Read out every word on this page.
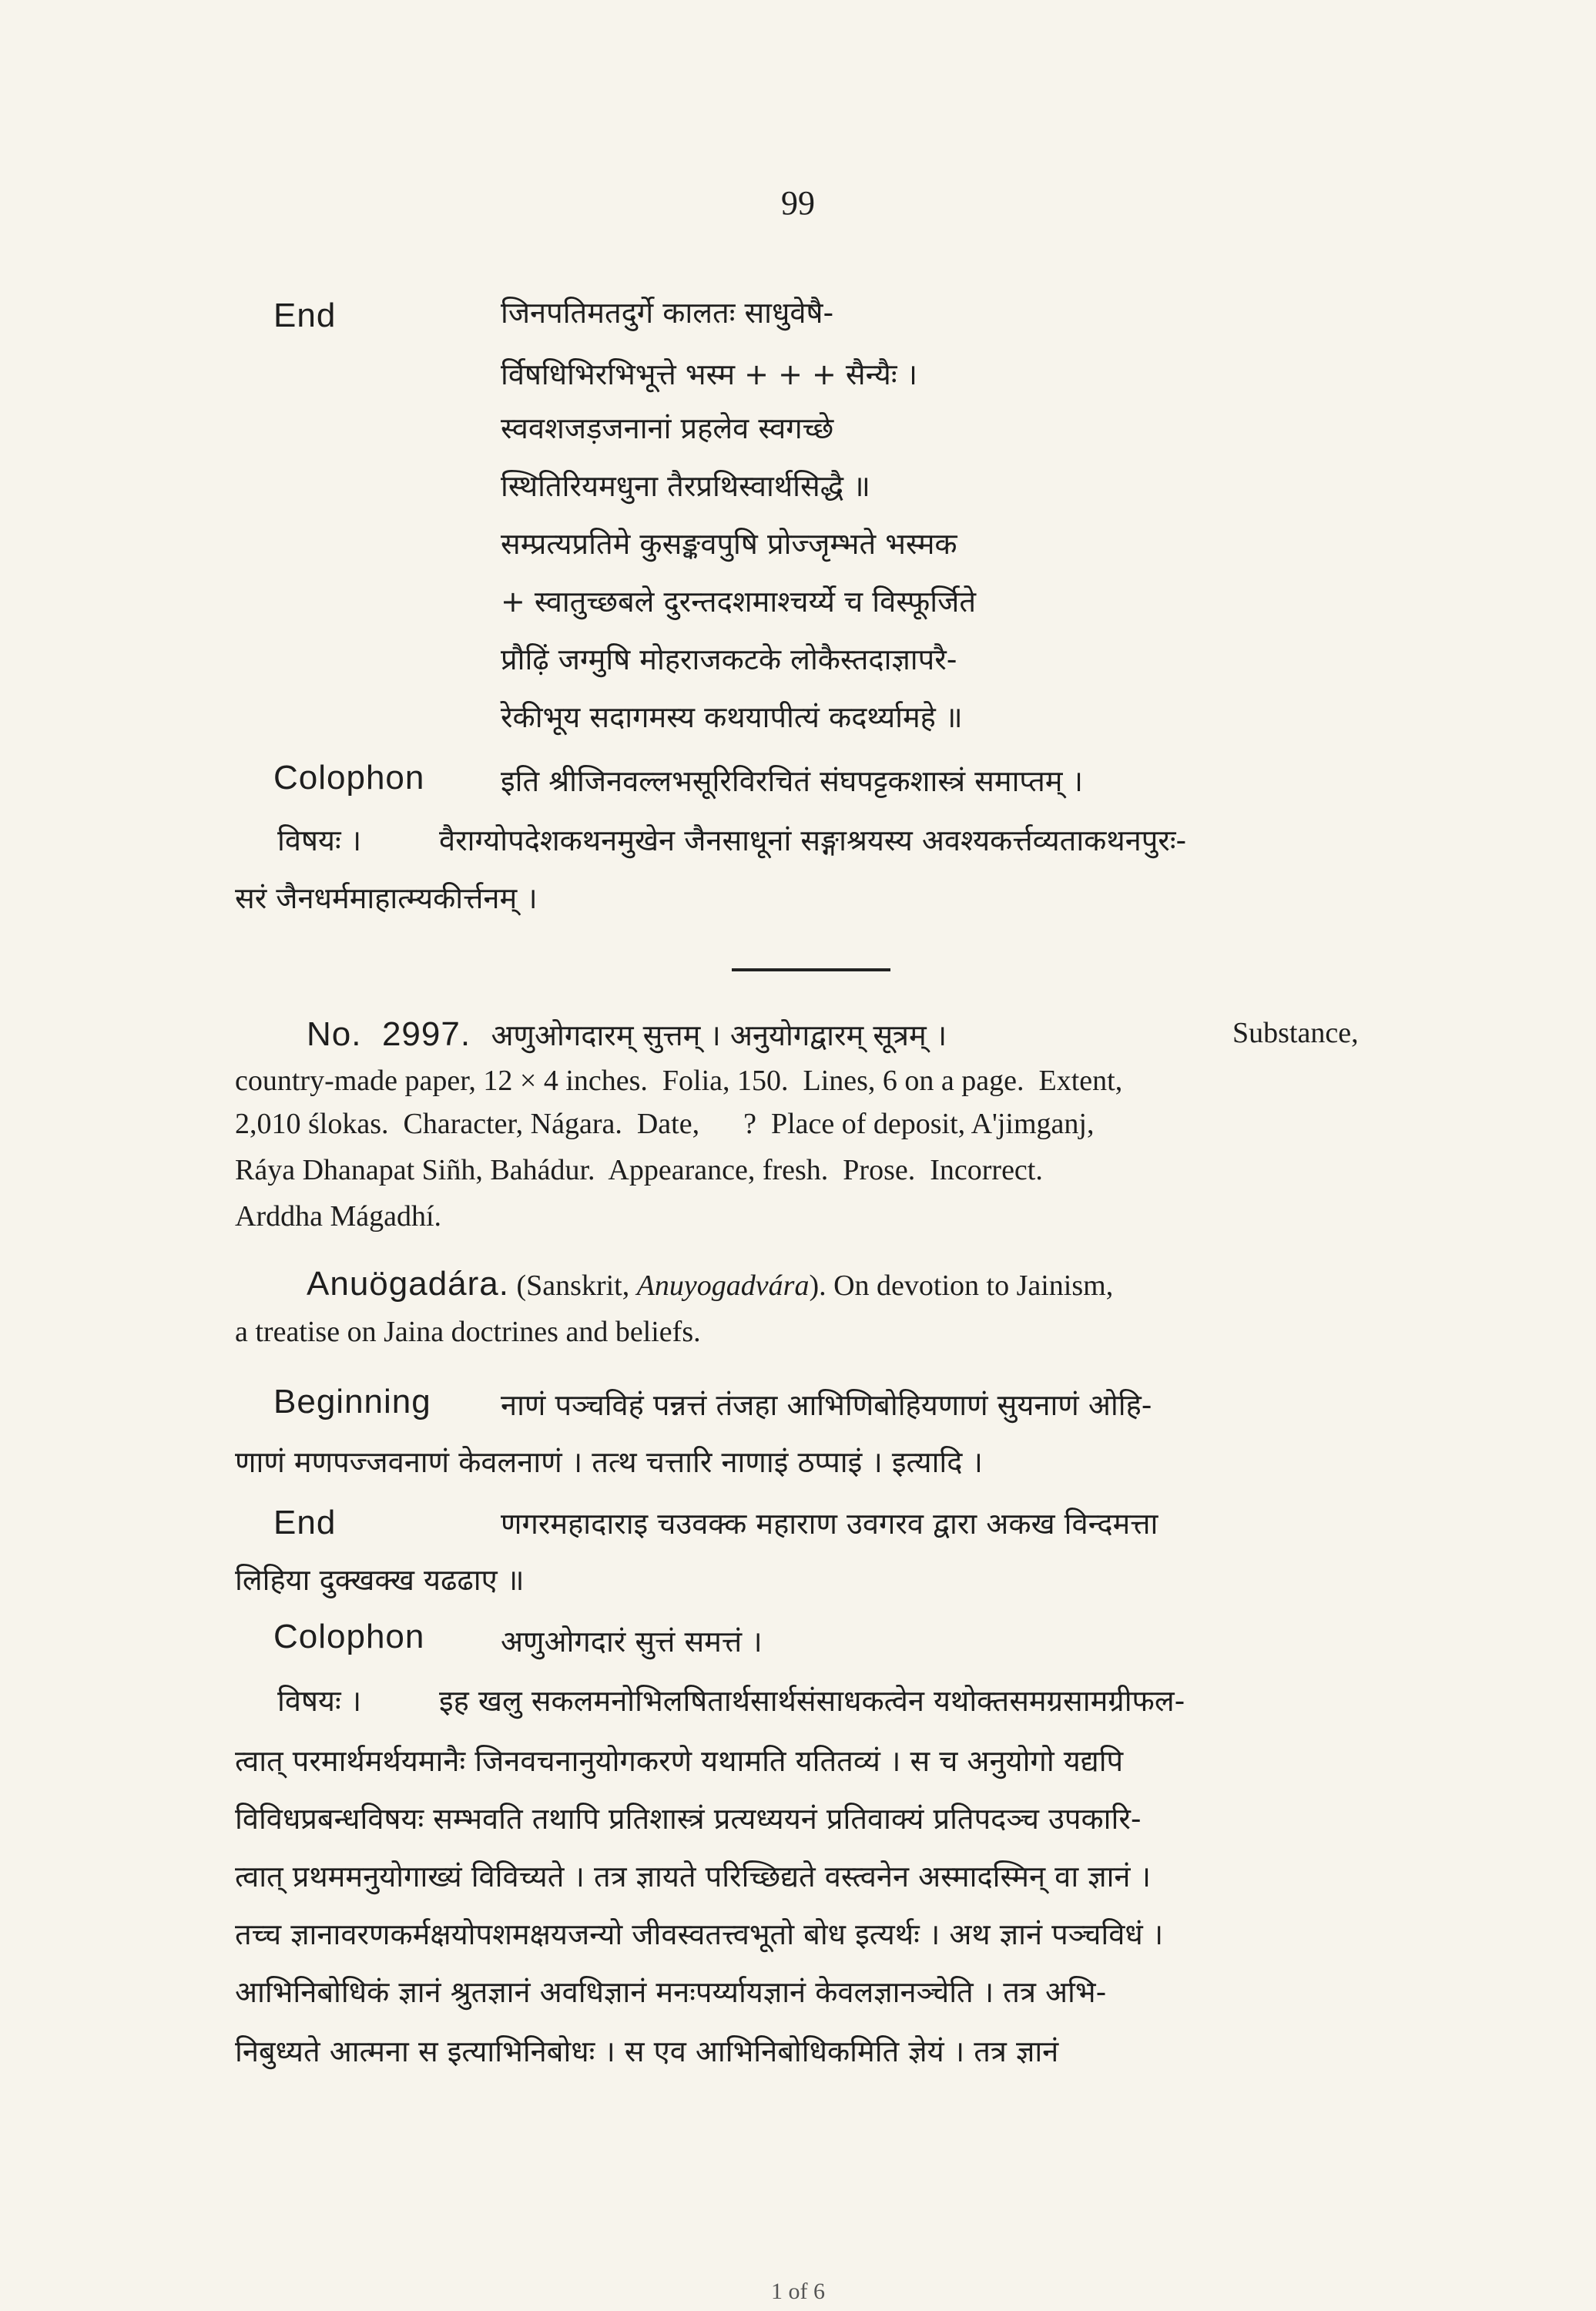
99
End	जिनपतिमतदुर्गे कालतः साधुवेषै-
र्विषधिभिरभिभूत्ते भस्म + + + सैन्यैः ।
स्ववशजड़जनानां प्रहलेव स्वगच्छे
स्थितिरियमधुना तैरप्रथिस्वार्थसिद्धै ॥
सम्प्रत्यप्रतिमे कुसङ्कवपुषि प्रोज्जृम्भते भस्मक
+ स्वातुच्छबले दुरन्तदशमाश्चर्य्ये च विस्फूर्जिते
प्रौढ़िं जग्मुषि मोहराजकटके लोकैस्तदाज्ञापरै-
रेकीभूय सदागमस्य कथयापीत्यं कदर्थ्यामहे ॥
Colophon	इति श्रीजिनवल्लभसूरिविरचितं संघपट्टकशास्त्रं समाप्तम् ।
विषयः ।	वैराग्योपदेशकथनमुखेन जैनसाधूनां सङ्गाश्रयस्य अवश्यकर्त्तव्यताकथनपुरः-
सरं जैनधर्ममाहात्म्यकीर्त्तनम् ।
No.  2997.  अणुओगदारम् सुत्तम् । अनुयोगद्वारम् सूत्रम् ।	Substance,
country-made paper, 12 × 4 inches.  Folia, 150.  Lines, 6 on a page.  Extent,
2,010 ślokas.  Character, Nágara.  Date,      ?  Place of deposit, A'jimganj,
Ráya Dhanapat Siñh, Bahádur.  Appearance, fresh.  Prose.  Incorrect.
Arddha Mágadhí.
Anuögadára. (Sanskrit, Anuyogadvára). On devotion to Jainism,
a treatise on Jaina doctrines and beliefs.
Beginning नाणं पञ्चविहं पन्नत्तं तंजहा आभिणिबोहियणाणं सुयनाणं ओहि-
णाणं मणपज्जवनाणं केवलनाणं । तत्थ चत्तारि नाणाइं ठप्पाइं । इत्यादि ।
End	णगरमहादाराइ चउवक्क महाराण उवगरव द्वारा अकख विन्दमत्ता
लिहिया दुक्खक्ख यढढाए ॥
Colophon	अणुओगदारं सुत्तं समत्तं ।
विषयः ।	इह खलु सकलमनोभिलषितार्थसार्थसंसाधकत्वेन यथोक्तसमग्रसामग्रीफल-
त्वात् परमार्थमर्थयमानैः जिनवचनानुयोगकरणे यथामति यतितव्यं । स च अनुयोगो यद्यपि
विविधप्रबन्धविषयः सम्भवति तथापि प्रतिशास्त्रं प्रत्यध्ययनं प्रतिवाक्यं प्रतिपदञ्च उपकारि-
त्वात् प्रथममनुयोगाख्यं विविच्यते । तत्र ज्ञायते परिच्छिद्यते वस्त्वनेन अस्मादस्मिन् वा ज्ञानं ।
तच्च ज्ञानावरणकर्मक्षयोपशमक्षयजन्यो जीवस्वतत्त्वभूतो बोध इत्यर्थः । अथ ज्ञानं पञ्चविधं ।
आभिनिबोधिकं ज्ञानं श्रुतज्ञानं अवधिज्ञानं मनःपर्य्यायज्ञानं केवलज्ञानञ्चेति । तत्र अभि-
निबुध्यते आत्मना स इत्याभिनिबोधः । स एव आभिनिबोधिकमिति ज्ञेयं । तत्र ज्ञानं
1 of 6
